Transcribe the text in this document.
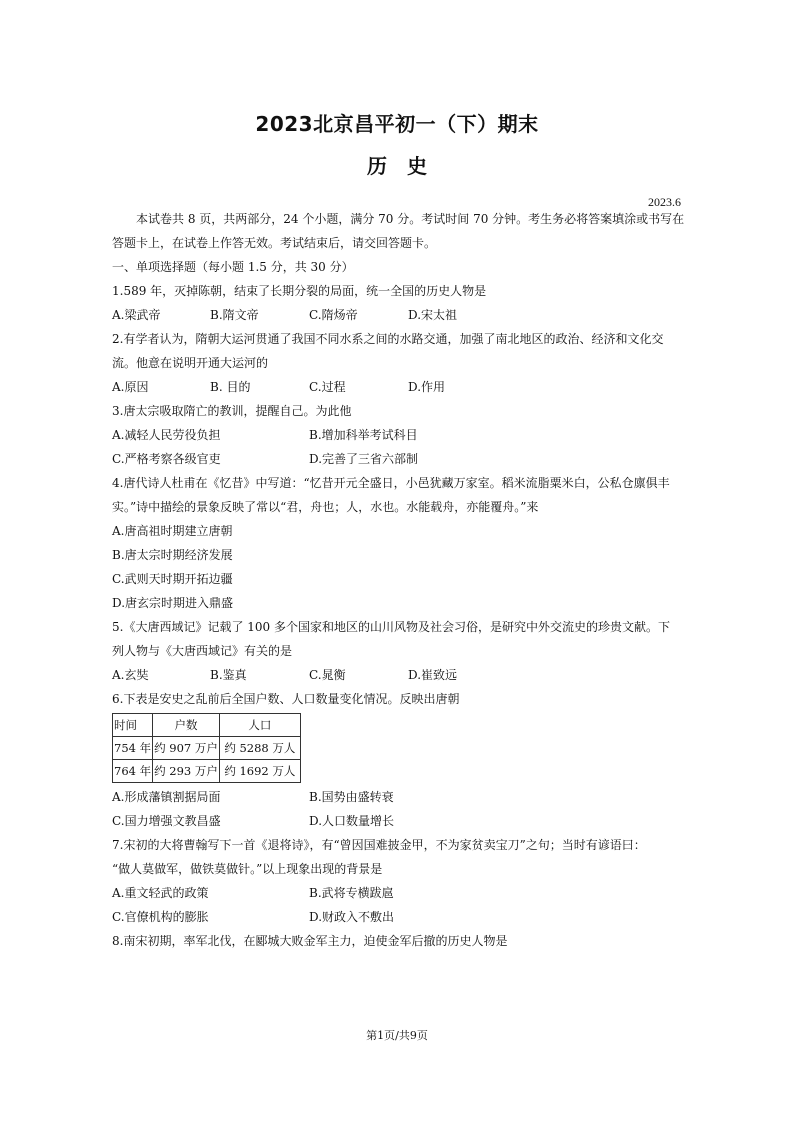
2023北京昌平初一（下）期末
历　史
2023.6
本试卷共 8 页，共两部分，24 个小题，满分 70 分。考试时间 70 分钟。考生务必将答案填涂或书写在
答题卡上，在试卷上作答无效。考试结束后，请交回答题卡。
一、单项选择题（每小题 1.5 分，共 30 分）
1.589 年，灭掉陈朝，结束了长期分裂的局面，统一全国的历史人物是
A.梁武帝	B.隋文帝	C.隋炀帝	D.宋太祖
2.有学者认为，隋朝大运河贯通了我国不同水系之间的水路交通，加强了南北地区的政治、经济和文化交
流。他意在说明开通大运河的
A.原因	B. 目的	C.过程	D.作用
3.唐太宗吸取隋亡的教训，提醒自己。为此他
A.减轻人民劳役负担	B.增加科举考试科目
C.严格考察各级官吏	D.完善了三省六部制
4.唐代诗人杜甫在《忆昔》中写道：“忆昔开元全盛日，小邑犹藏万家室。稻米流脂粟米白，公私仓廪俱丰
实。”诗中描绘的景象反映了常以“君，舟也；人，水也。水能载舟，亦能覆舟。”来
A.唐高祖时期建立唐朝
B.唐太宗时期经济发展
C.武则天时期开拓边疆
D.唐玄宗时期进入鼎盛
5.《大唐西域记》记载了 100 多个国家和地区的山川风物及社会习俗，是研究中外交流史的珍贵文献。下
列人物与《大唐西域记》有关的是
A.玄奘	B.鉴真	C.晁衡	D.崔致远
6.下表是安史之乱前后全国户数、人口数量变化情况。反映出唐朝
时间	户数	人口
754 年	约 907 万户	约 5288 万人
764 年	约 293 万户	约 1692 万人
A.形成藩镇割据局面	B.国势由盛转衰
C.国力增强文教昌盛	D.人口数量增长
7.宋初的大将曹翰写下一首《退将诗》，有“曾因国难披金甲，不为家贫卖宝刀”之句；当时有谚语曰：
“做人莫做军，做铁莫做针。”以上现象出现的背景是
A.重文轻武的政策	B.武将专横跋扈
C.官僚机构的膨胀	D.财政入不敷出
8.南宋初期，率军北伐，在郾城大败金军主力，迫使金军后撤的历史人物是
第1页/共9页
